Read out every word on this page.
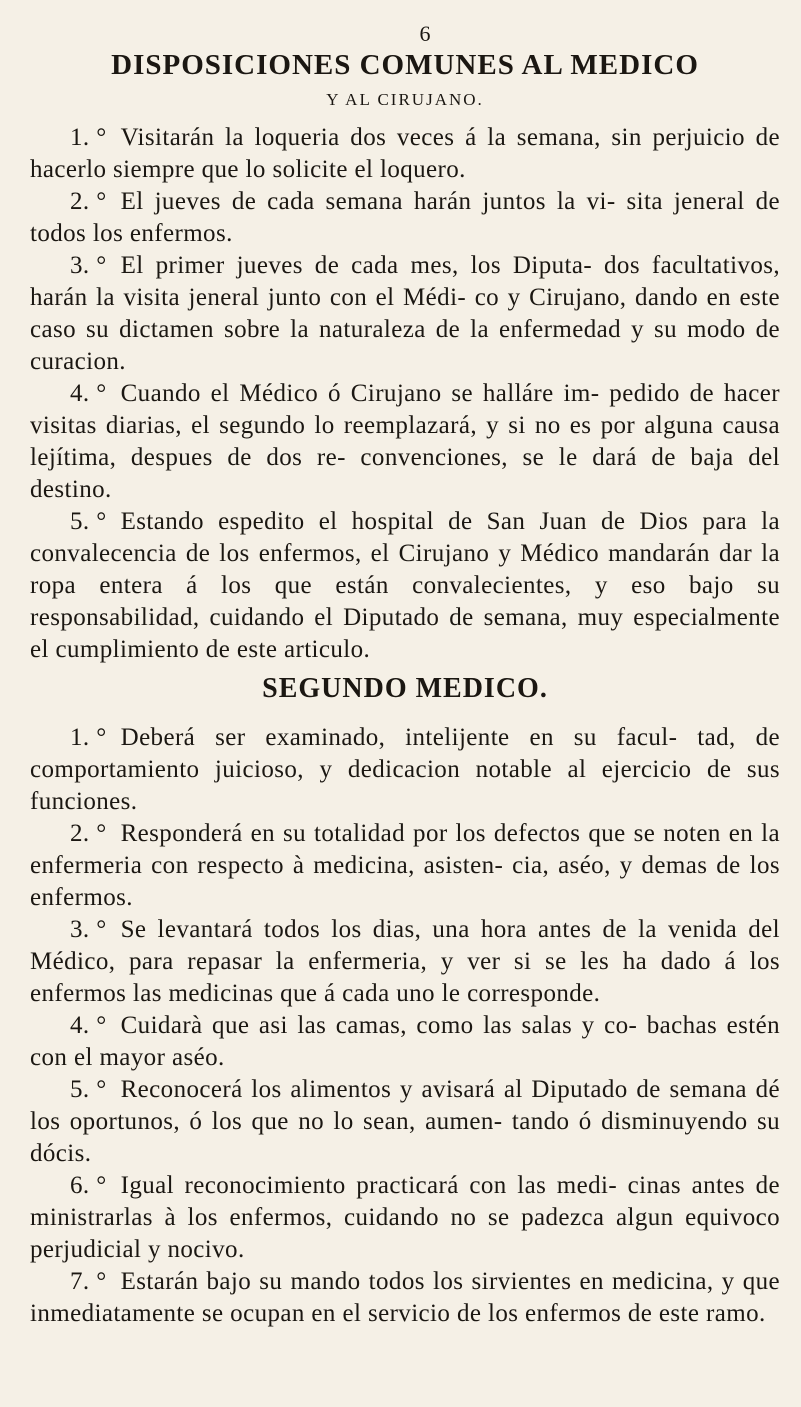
6
DISPOSICIONES COMUNES AL MEDICO
Y AL CIRUJANO.

1. ° Visitarán la loqueria dos veces á la semana, sin perjuicio de hacerlo siempre que lo solicite el loquero.

2. ° El jueves de cada semana harán juntos la vi- sita jeneral de todos los enfermos.

3. ° El primer jueves de cada mes, los Diputa- dos facultativos, harán la visita jeneral junto con el Médi- co y Cirujano, dando en este caso su dictamen sobre la naturaleza de la enfermedad y su modo de curacion.

4. ° Cuando el Médico ó Cirujano se halláre im- pedido de hacer visitas diarias, el segundo lo reemplazará, y si no es por alguna causa lejítima, despues de dos re- convenciones, se le dará de baja del destino.

5. ° Estando espedito el hospital de San Juan de Dios para la convalecencia de los enfermos, el Cirujano y Médico mandarán dar la ropa entera á los que están convalecientes, y eso bajo su responsabilidad, cuidando el Diputado de semana, muy especialmente el cumplimiento de este articulo.

SEGUNDO MEDICO.

1. ° Deberá ser examinado, intelijente en su facul- tad, de comportamiento juicioso, y dedicacion notable al ejercicio de sus funciones.

2. ° Responderá en su totalidad por los defectos que se noten en la enfermeria con respecto à medicina, asisten- cia, aséo, y demas de los enfermos.

3. ° Se levantará todos los dias, una hora antes de la venida del Médico, para repasar la enfermeria, y ver si se les ha dado á los enfermos las medicinas que á cada uno le corresponde.

4. ° Cuidarà que asi las camas, como las salas y co- bachas estén con el mayor aséo.

5. ° Reconocerá los alimentos y avisará al Diputado de semana dé los oportunos, ó los que no lo sean, aumen- tando ó disminuyendo su dócis.

6. ° Igual reconocimiento practicará con las medi- cinas antes de ministrarlas à los enfermos, cuidando no se padezca algun equivoco perjudicial y nocivo.

7. ° Estarán bajo su mando todos los sirvientes en medicina, y que inmediatamente se ocupan en el servicio de los enfermos de este ramo.
